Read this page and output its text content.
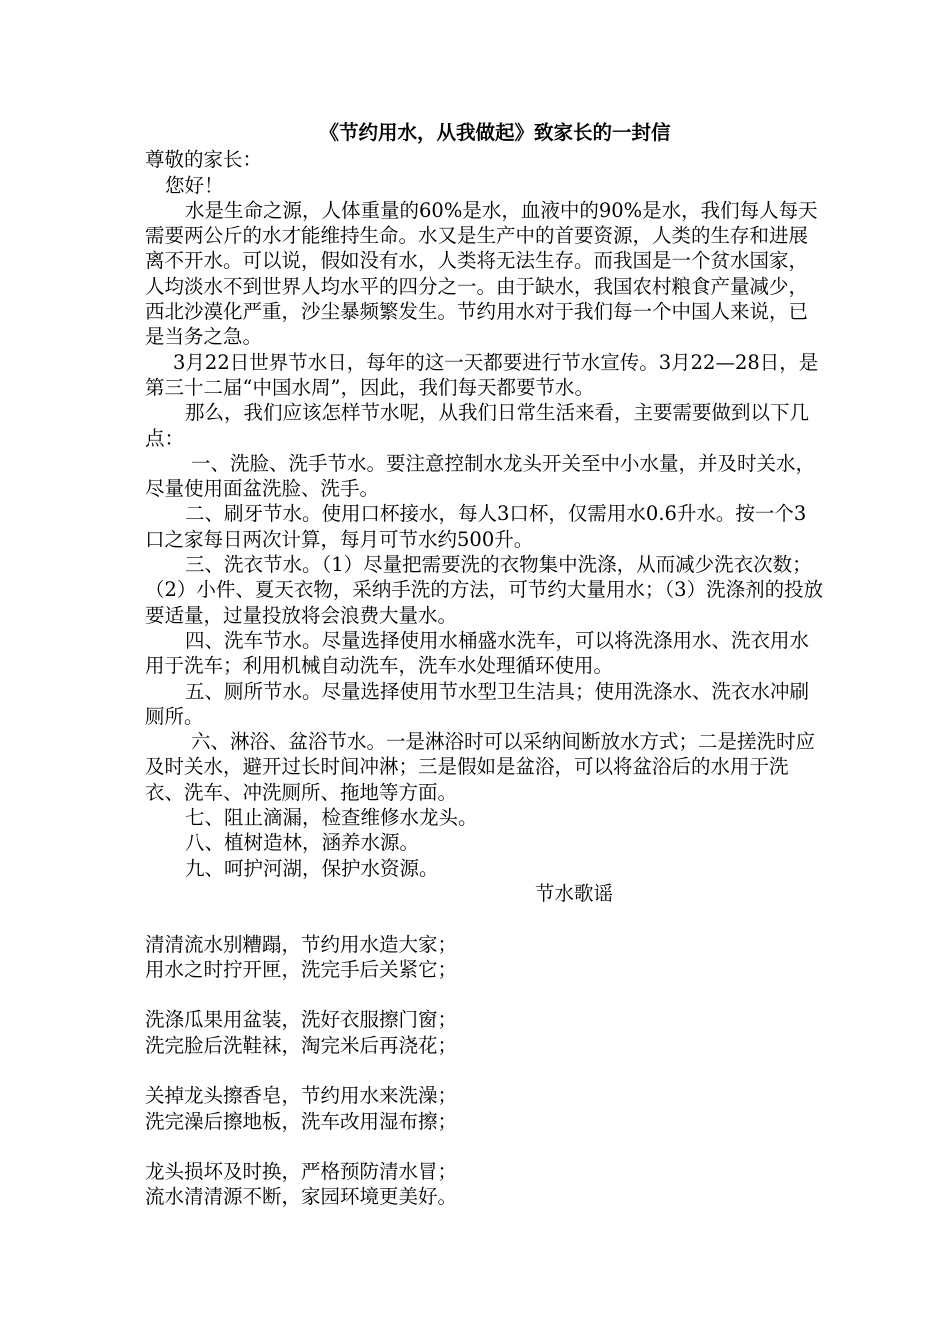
《节约用水，从我做起》致家长的一封信

尊敬的家长：

您好！

水是生命之源，人体重量的60%是水，血液中的90%是水，我们每人每天需要两公斤的水才能维持生命。水又是生产中的首要资源，人类的生存和进展离不开水。可以说，假如没有水，人类将无法生存。而我国是一个贫水国家，人均淡水不到世界人均水平的四分之一。由于缺水，我国农村粮食产量减少，西北沙漠化严重，沙尘暴频繁发生。节约用水对于我们每一个中国人来说，已是当务之急。

3月22日世界节水日，每年的这一天都要进行节水宣传。3月22—28日，是第三十二届“中国水周”，因此，我们每天都要节水。

那么，我们应该怎样节水呢，从我们日常生活来看，主要需要做到以下几点：

一、洗脸、洗手节水。要注意控制水龙头开关至中小水量，并及时关水，尽量使用面盆洗脸、洗手。

二、刷牙节水。使用口杯接水，每人3口杯，仅需用水0.6升水。按一个3口之家每日两次计算，每月可节水约500升。

三、洗衣节水。（1）尽量把需要洗的衣物集中洗涤，从而减少洗衣次数；（2）小件、夏天衣物，采纳手洗的方法，可节约大量用水；（3）洗涤剂的投放要适量，过量投放将会浪费大量水。

四、洗车节水。尽量选择使用水桶盛水洗车，可以将洗涤用水、洗衣用水用于洗车；利用机械自动洗车，洗车水处理循环使用。

五、厕所节水。尽量选择使用节水型卫生洁具；使用洗涤水、洗衣水冲刷厕所。

六、淋浴、盆浴节水。一是淋浴时可以采纳间断放水方式；二是搓洗时应及时关水，避开过长时间冲淋；三是假如是盆浴，可以将盆浴后的水用于洗衣、洗车、冲洗厕所、拖地等方面。

七、阻止滴漏，检查维修水龙头。

八、植树造林，涵养水源。

九、呵护河湖，保护水资源。

节水歌谣

清清流水别糟蹋，节约用水造大家；

用水之时拧开匣，洗完手后关紧它；

洗涤瓜果用盆装，洗好衣服擦门窗；

洗完脸后洗鞋袜，淘完米后再浇花；

关掉龙头擦香皂，节约用水来洗澡；

洗完澡后擦地板，洗车改用湿布擦；

龙头损坏及时换，严格预防清水冒；

流水清清源不断，家园环境更美好。
